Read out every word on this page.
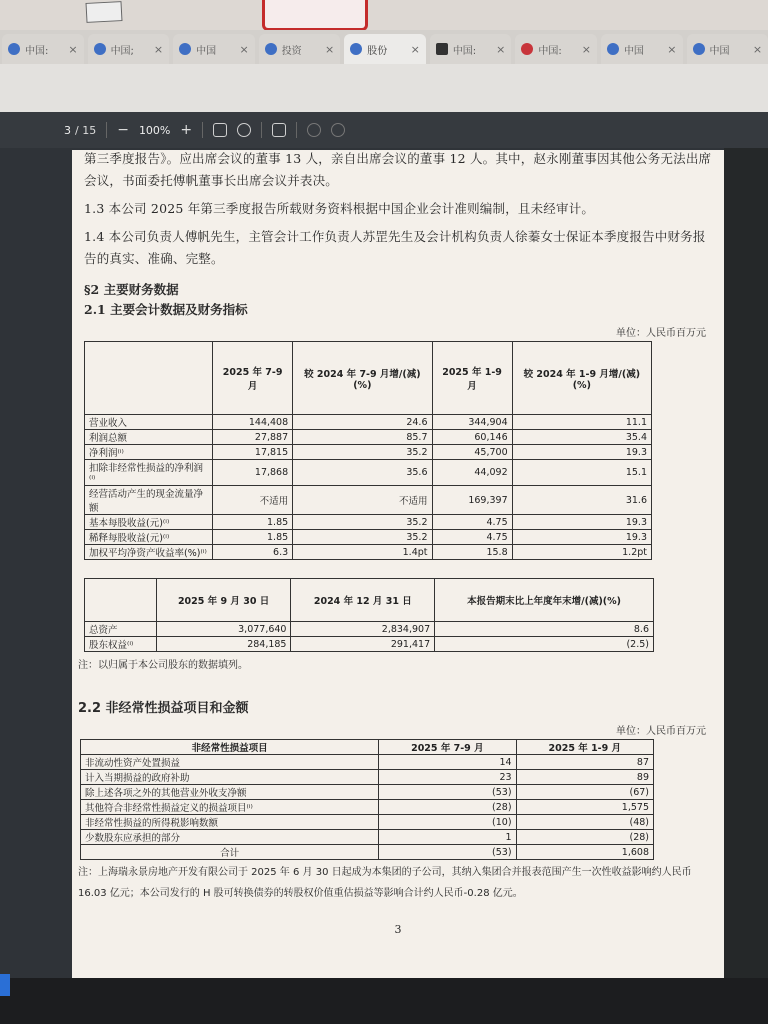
中国:	×	中国;	×	中国	×	投资	×	股份	×	中国:	×	中国:	×	中国	×	中国	×
3 / 15 − 100% +

第三季度报告》。应出席会议的董事 13 人，亲自出席会议的董事 12 人。其中，赵永刚董事因其他公务无法出席会议，书面委托傅帆董事长出席会议并表决。

1.3 本公司 2025 年第三季度报告所载财务资料根据中国企业会计准则编制，且未经审计。

1.4 本公司负责人傅帆先生，主管会计工作负责人苏罡先生及会计机构负责人徐蓁女士保证本季度报告中财务报告的真实、准确、完整。

§2 主要财务数据
2.1 主要会计数据及财务指标
单位：人民币百万元
	2025 年 7-9 月	较 2024 年 7-9 月增/(减)(%)	2025 年 1-9 月	较 2024 年 1-9 月增/(减)(%)
营业收入	144,408	24.6	344,904	11.1
利润总额	27,887	85.7	60,146	35.4
净利润⁽ⁱ⁾	17,815	35.2	45,700	19.3
扣除非经常性损益的净利润⁽ⁱ⁾	17,868	35.6	44,092	15.1
经营活动产生的现金流量净额	不适用	不适用	169,397	31.6
基本每股收益(元)⁽ⁱ⁾	1.85	35.2	4.75	19.3
稀释每股收益(元)⁽ⁱ⁾	1.85	35.2	4.75	19.3
加权平均净资产收益率(%)⁽ⁱ⁾	6.3	1.4pt	15.8	1.2pt
	2025 年 9 月 30 日	2024 年 12 月 31 日	本报告期末比上年度年末增/(减)(%)
总资产	3,077,640	2,834,907	8.6
股东权益⁽ⁱ⁾	284,185	291,417	(2.5)
注：以归属于本公司股东的数据填列。
2.2 非经常性损益项目和金额
单位：人民币百万元
非经常性损益项目	2025 年 7-9 月	2025 年 1-9 月
非流动性资产处置损益	14	87
计入当期损益的政府补助	23	89
除上述各项之外的其他营业外收支净额	(53)	(67)
其他符合非经常性损益定义的损益项目⁽ⁱ⁾	(28)	1,575
非经常性损益的所得税影响数额	(10)	(48)
少数股东应承担的部分	1	(28)
合计	(53)	1,608
注：上海瑞永景房地产开发有限公司于 2025 年 6 月 30 日起成为本集团的子公司，其纳入集团合并报表范围产生一次性收益影响约人民币 16.03 亿元；本公司发行的 H 股可转换债券的转股权价值重估损益等影响合计约人民币-0.28 亿元。
3
